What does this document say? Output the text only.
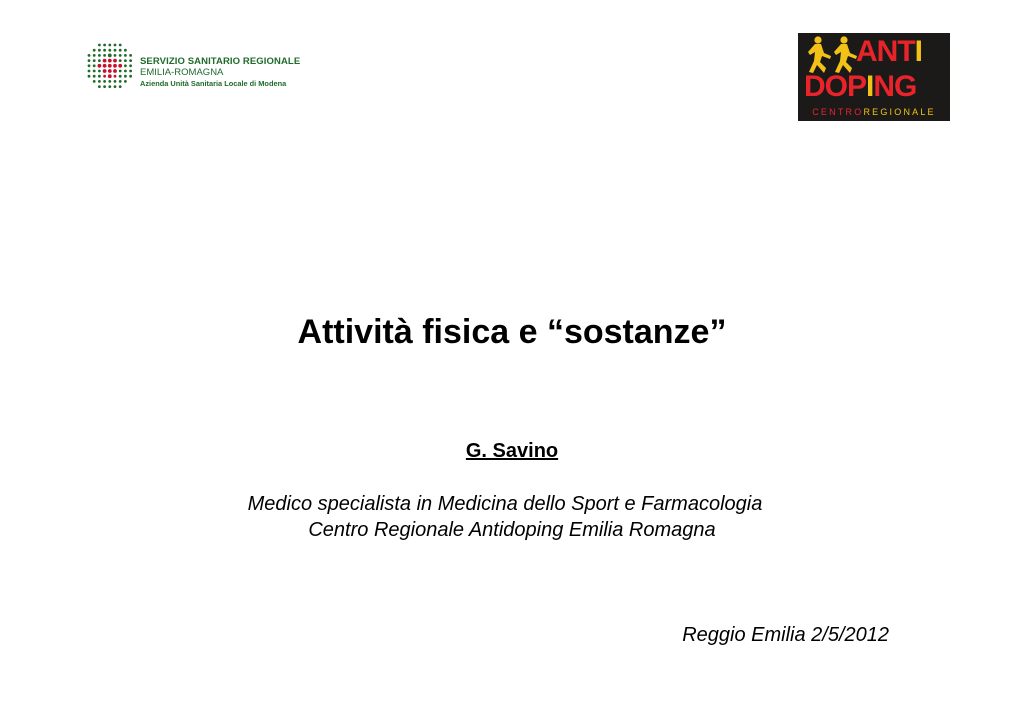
SERVIZIO SANITARIO REGIONALE
EMILIA-ROMAGNA
Azienda Unità Sanitaria Locale di Modena
ANTI
DOPING
CENTROREGIONALE
Attività fisica e “sostanze”
G. Savino
Medico specialista in Medicina dello Sport e Farmacologia
Centro Regionale Antidoping Emilia Romagna
Reggio Emilia 2/5/2012
